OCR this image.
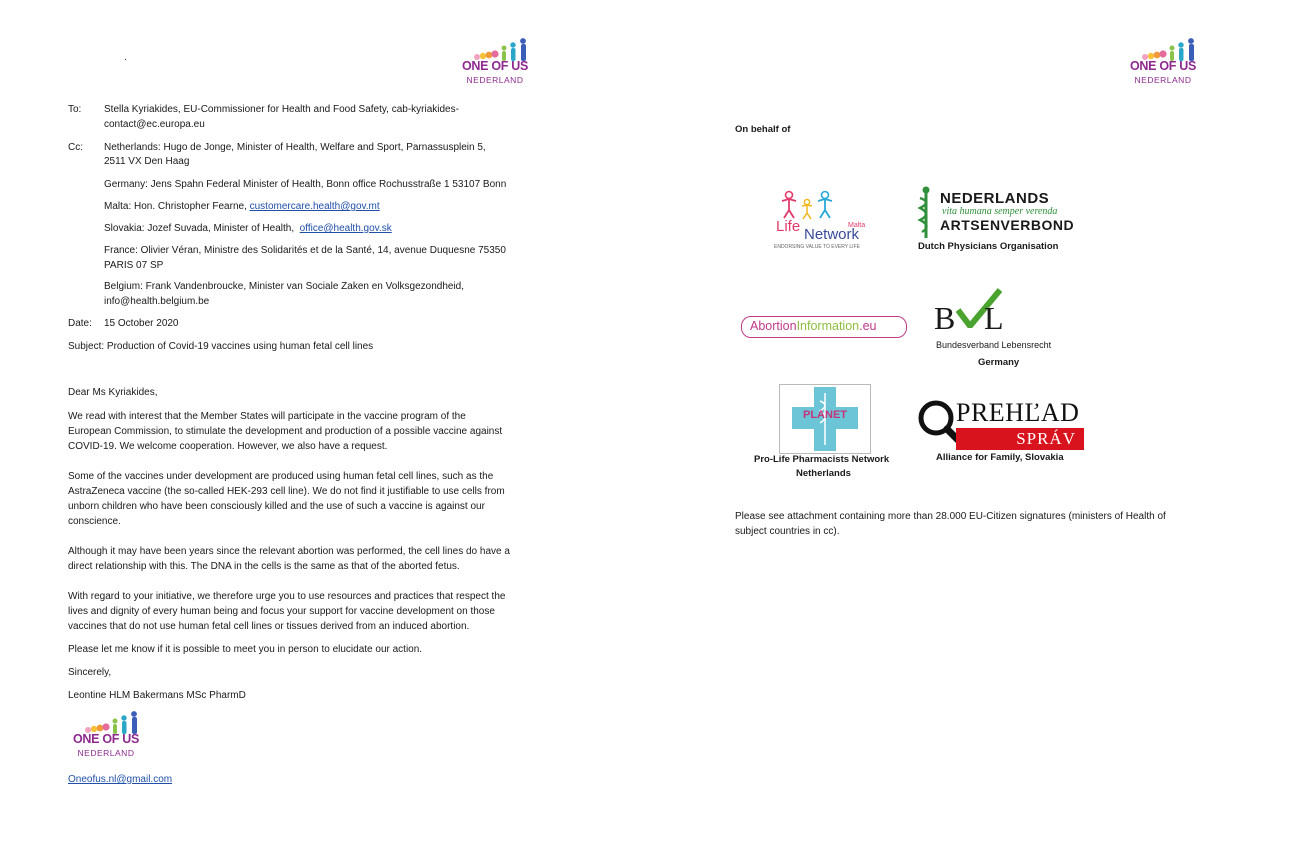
.
ONE OF US
NEDERLAND
To: Stella Kyriakides, EU-Commissioner for Health and Food Safety, cab-kyriakides-
contact@ec.europa.eu
Cc: Netherlands: Hugo de Jonge, Minister of Health, Welfare and Sport, Parnassusplein 5,
2511 VX Den Haag
Germany: Jens Spahn Federal Minister of Health, Bonn office Rochusstraße 1 53107 Bonn
Malta: Hon. Christopher Fearne, customercare.health@gov.mt
Slovakia: Jozef Suvada, Minister of Health,  office@health.gov.sk
France: Olivier Véran, Ministre des Solidarités et de la Santé, 14, avenue Duquesne 75350
PARIS 07 SP
Belgium: Frank Vandenbroucke, Minister van Sociale Zaken en Volksgezondheid,
info@health.belgium.be
Date: 15 October 2020
Subject: Production of Covid-19 vaccines using human fetal cell lines
Dear Ms Kyriakides,
We read with interest that the Member States will participate in the vaccine program of the
European Commission, to stimulate the development and production of a possible vaccine against
COVID-19. We welcome cooperation. However, we also have a request.
Some of the vaccines under development are produced using human fetal cell lines, such as the
AstraZeneca vaccine (the so-called HEK-293 cell line). We do not find it justifiable to use cells from
unborn children who have been consciously killed and the use of such a vaccine is against our
conscience.
Although it may have been years since the relevant abortion was performed, the cell lines do have a
direct relationship with this. The DNA in the cells is the same as that of the aborted fetus.
With regard to your initiative, we therefore urge you to use resources and practices that respect the
lives and dignity of every human being and focus your support for vaccine development on those
vaccines that do not use human fetal cell lines or tissues derived from an induced abortion.
Please let me know if it is possible to meet you in person to elucidate our action.
Sincerely,
Leontine HLM Bakermans MSc PharmD
ONE OF US
NEDERLAND
Oneofus.nl@gmail.com
ONE OF US
NEDERLAND
On behalf of
Life Network
Malta
ENDORSING VALUE TO EVERY LIFE
NEDERLANDS
vita humana semper verenda
ARTSENVERBOND
Dutch Physicians Organisation
AbortionInformation.eu B L
Bundesverband Lebensrecht
Germany
PLANET
Pro-Life Pharmacists Network
Netherlands
PREHĽAD
SPRÁV
Alliance for Family, Slovakia
Please see attachment containing more than 28.000 EU-Citizen signatures (ministers of Health of
subject countries in cc).
